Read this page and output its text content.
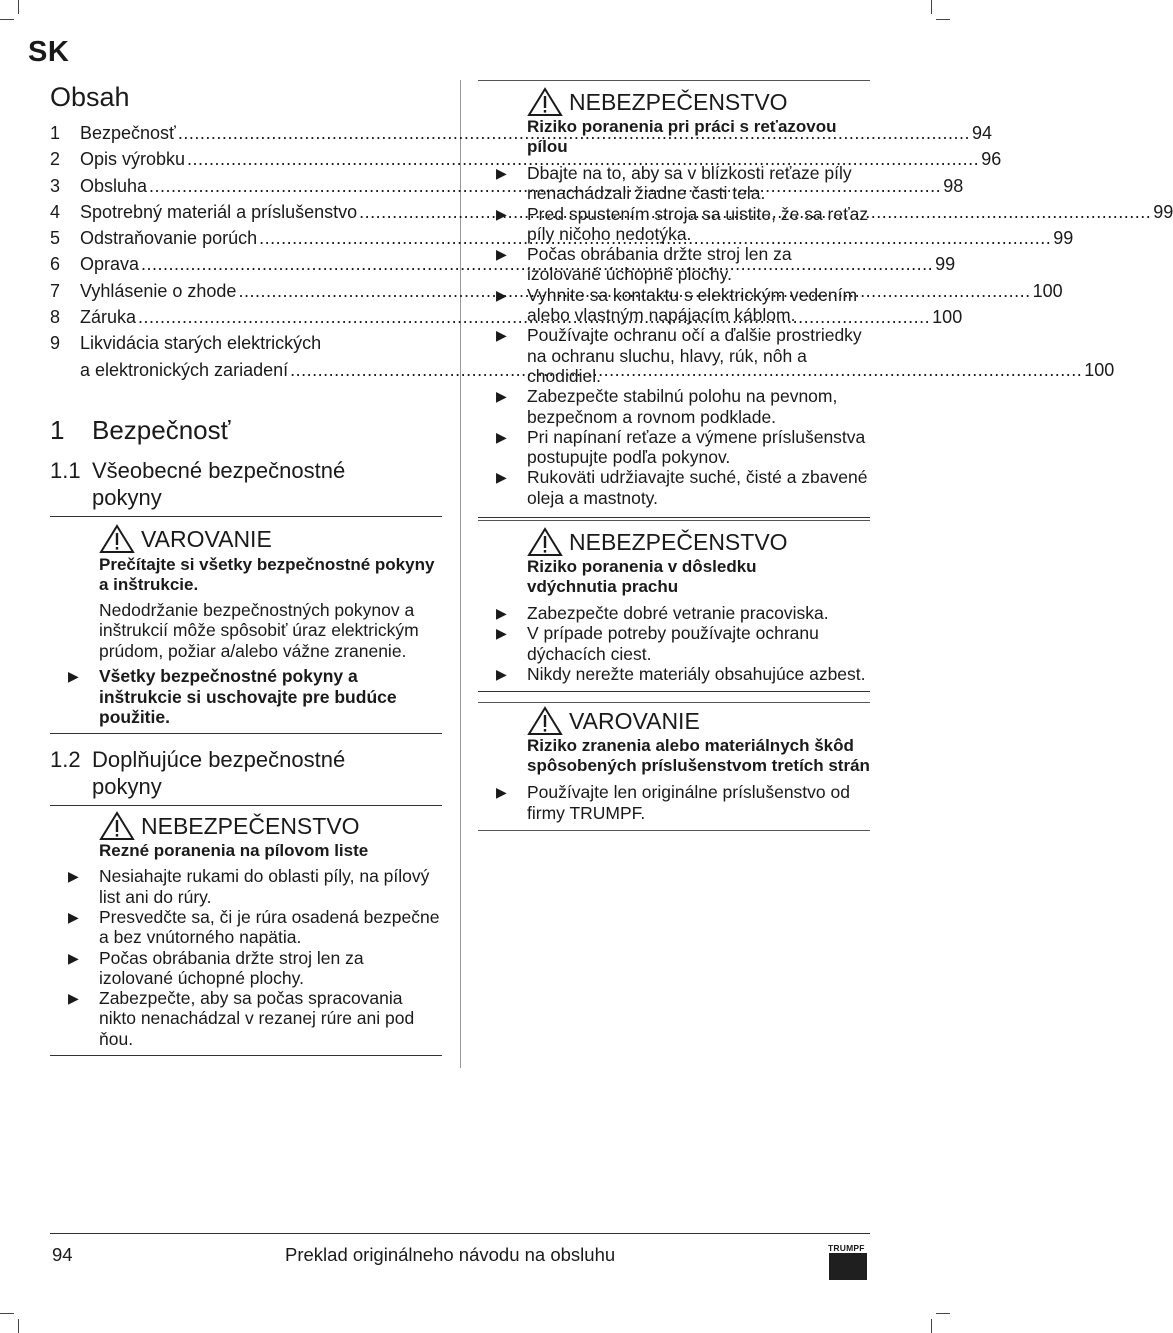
SK
Obsah
1	Bezpečnosť .....	94
2	Opis výrobku .....	96
3	Obsluha .....	98
4	Spotrebný materiál a príslušenstvo .....	99
5	Odstraňovanie porúch .....	99
6	Oprava .....	99
7	Vyhlásenie o zhode .....	100
8	Záruka .....	100
9	Likvidácia starých elektrických
a elektronických zariadení .....	100
1	Bezpečnosť
1.1 Všeobecné bezpečnostné
pokyny
VAROVANIE
Prečítajte si všetky bezpečnostné pokyny a inštrukcie.
Nedodržanie bezpečnostných pokynov a inštrukcií môže spôsobiť úraz elektrickým prúdom, požiar a/alebo vážne zranenie.
▶	Všetky bezpečnostné pokyny a inštrukcie si uschovajte pre budúce použitie.
1.2 Doplňujúce bezpečnostné
pokyny
NEBEZPEČENSTVO
Rezné poranenia na pílovom liste
▶	Nesiahajte rukami do oblasti píly, na pílový list ani do rúry.
▶	Presvedčte sa, či je rúra osadená bezpečne a bez vnútorného napätia.
▶	Počas obrábania držte stroj len za izolované úchopné plochy.
▶	Zabezpečte, aby sa počas spracovania nikto nenachádzal v rezanej rúre ani pod ňou.
NEBEZPEČENSTVO
Riziko poranenia pri práci s reťazovou pílou
▶	Dbajte na to, aby sa v blízkosti reťaze píly nenachádzali žiadne časti tela.
▶	Pred spustením stroja sa uistite, že sa reťaz píly ničoho nedotýka.
▶	Počas obrábania držte stroj len za izolované úchopné plochy.
▶	Vyhnite sa kontaktu s elektrickým vedením alebo vlastným napájacím káblom.
▶	Používajte ochranu očí a ďalšie prostriedky na ochranu sluchu, hlavy, rúk, nôh a chodidiel.
▶	Zabezpečte stabilnú polohu na pevnom, bezpečnom a rovnom podklade.
▶	Pri napínaní reťaze a výmene príslušenstva postupujte podľa pokynov.
▶	Rukoväti udržiavajte suché, čisté a zbavené oleja a mastnoty.
NEBEZPEČENSTVO
Riziko poranenia v dôsledku vdýchnutia prachu
▶	Zabezpečte dobré vetranie pracoviska.
▶	V prípade potreby používajte ochranu dýchacích ciest.
▶	Nikdy nerežte materiály obsahujúce azbest.
VAROVANIE
Riziko zranenia alebo materiálnych škôd spôsobených príslušenstvom tretích strán
▶	Používajte len originálne príslušenstvo od firmy TRUMPF.
94	Preklad originálneho návodu na obsluhu	TRUMPF
